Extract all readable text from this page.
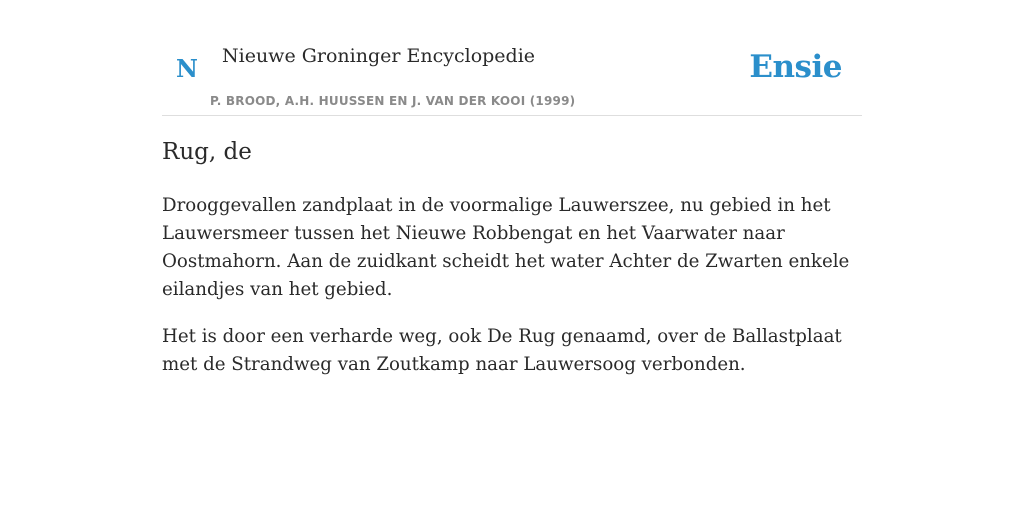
N Nieuwe Groninger Encyclopedie
P. BROOD, A.H. HUUSSEN EN J. VAN DER KOOI (1999)
Ensie
Rug, de

Drooggevallen zandplaat in de voormalige Lauwerszee, nu gebied in het Lauwersmeer tussen het Nieuwe Robbengat en het Vaarwater naar Oostmahorn. Aan de zuidkant scheidt het water Achter de Zwarten enkele eilandjes van het gebied.

Het is door een verharde weg, ook De Rug genaamd, over de Ballastplaat met de Strandweg van Zoutkamp naar Lauwersoog verbonden.
